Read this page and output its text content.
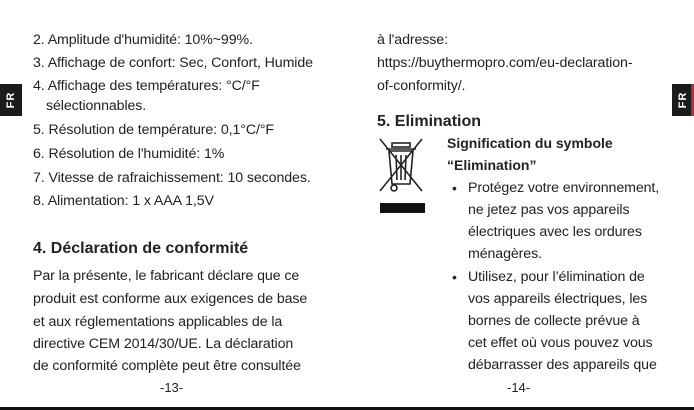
FR
2. Amplitude d'humidité: 10%~99%.
3. Affichage de confort: Sec, Confort, Humide
4. Affichage des températures: °C/°F
sélectionnables.
5. Résolution de température: 0,1°C/°F
6. Résolution de l'humidité: 1%
7. Vitesse de rafraichissement: 10 secondes.
8. Alimentation: 1 x AAA 1,5V
4. Déclaration de conformité
Par la présente, le fabricant déclare que ce
produit est conforme aux exigences de base
et aux réglementations applicables de la
directive CEM 2014/30/UE. La déclaration
de conformité complète peut être consultée
-13-
à l'adresse:
https://buythermopro.com/eu-declaration-
of-conformity/.
5. Elimination
Signification du symbole
“Elimination”
• Protégez votre environnement,
ne jetez pas vos appareils
électriques avec les ordures
ménagères.
• Utilisez, pour l’élimination de
vos appareils électriques, les
bornes de collecte prévue à
cet effet où vous pouvez vous
débarrasser des appareils que
-14-
FR
